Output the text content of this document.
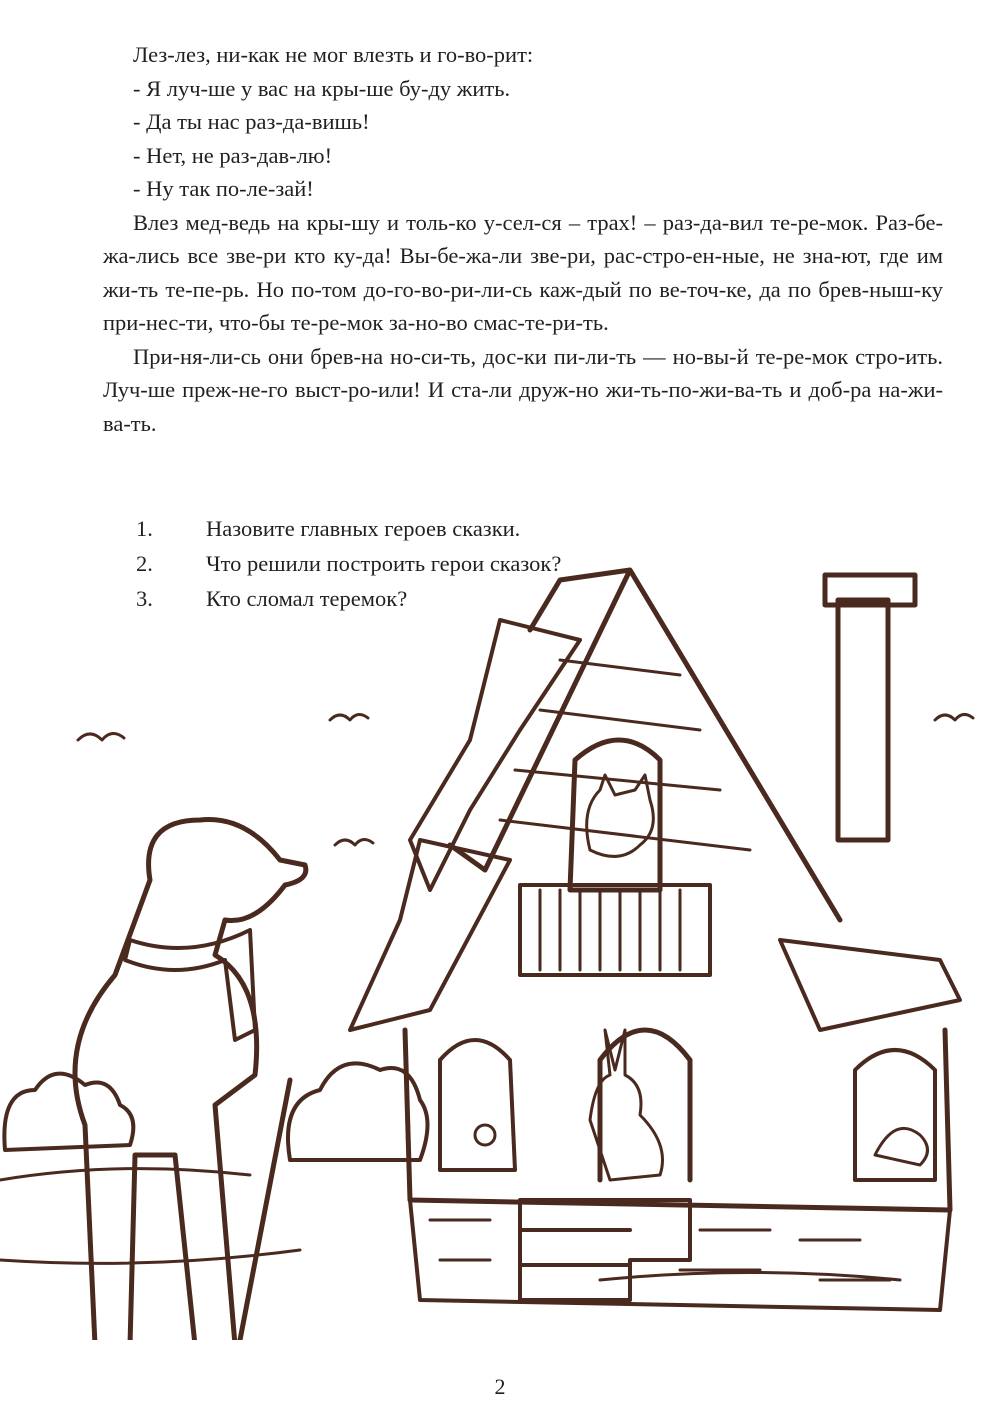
Лез-лез, ни-как не мог влезть и го-во-рит:

- Я луч-ше у вас на кры-ше бу-ду жить.

- Да ты нас раз-да-вишь!

- Нет, не раз-дав-лю!

- Ну так по-ле-зай!

Влез мед-ведь на кры-шу и толь-ко у-сел-ся – трах! – раз-да-вил те-ре-мок. Раз-бе-жа-лись все зве-ри кто ку-да! Вы-бе-жа-ли зве-ри, рас-стро-ен-ные, не зна-ют, где им жи-ть те-пе-рь. Но по-том до-го-во-ри-ли-сь каж-дый по ве-точ-ке, да по брев-ныш-ку при-нес-ти, что-бы те-ре-мок за-но-во смас-те-ри-ть.

При-ня-ли-сь они брев-на но-си-ть, дос-ки пи-ли-ть — но-вы-й те-ре-мок стро-ить. Луч-ше преж-не-го выст-ро-или! И ста-ли друж-но жи-ть-по-жи-ва-ть и доб-ра на-жи-ва-ть.

1.	Назовите главных героев сказки.
2.	Что решили построить герои сказок?
3.	Кто сломал теремок?
2
